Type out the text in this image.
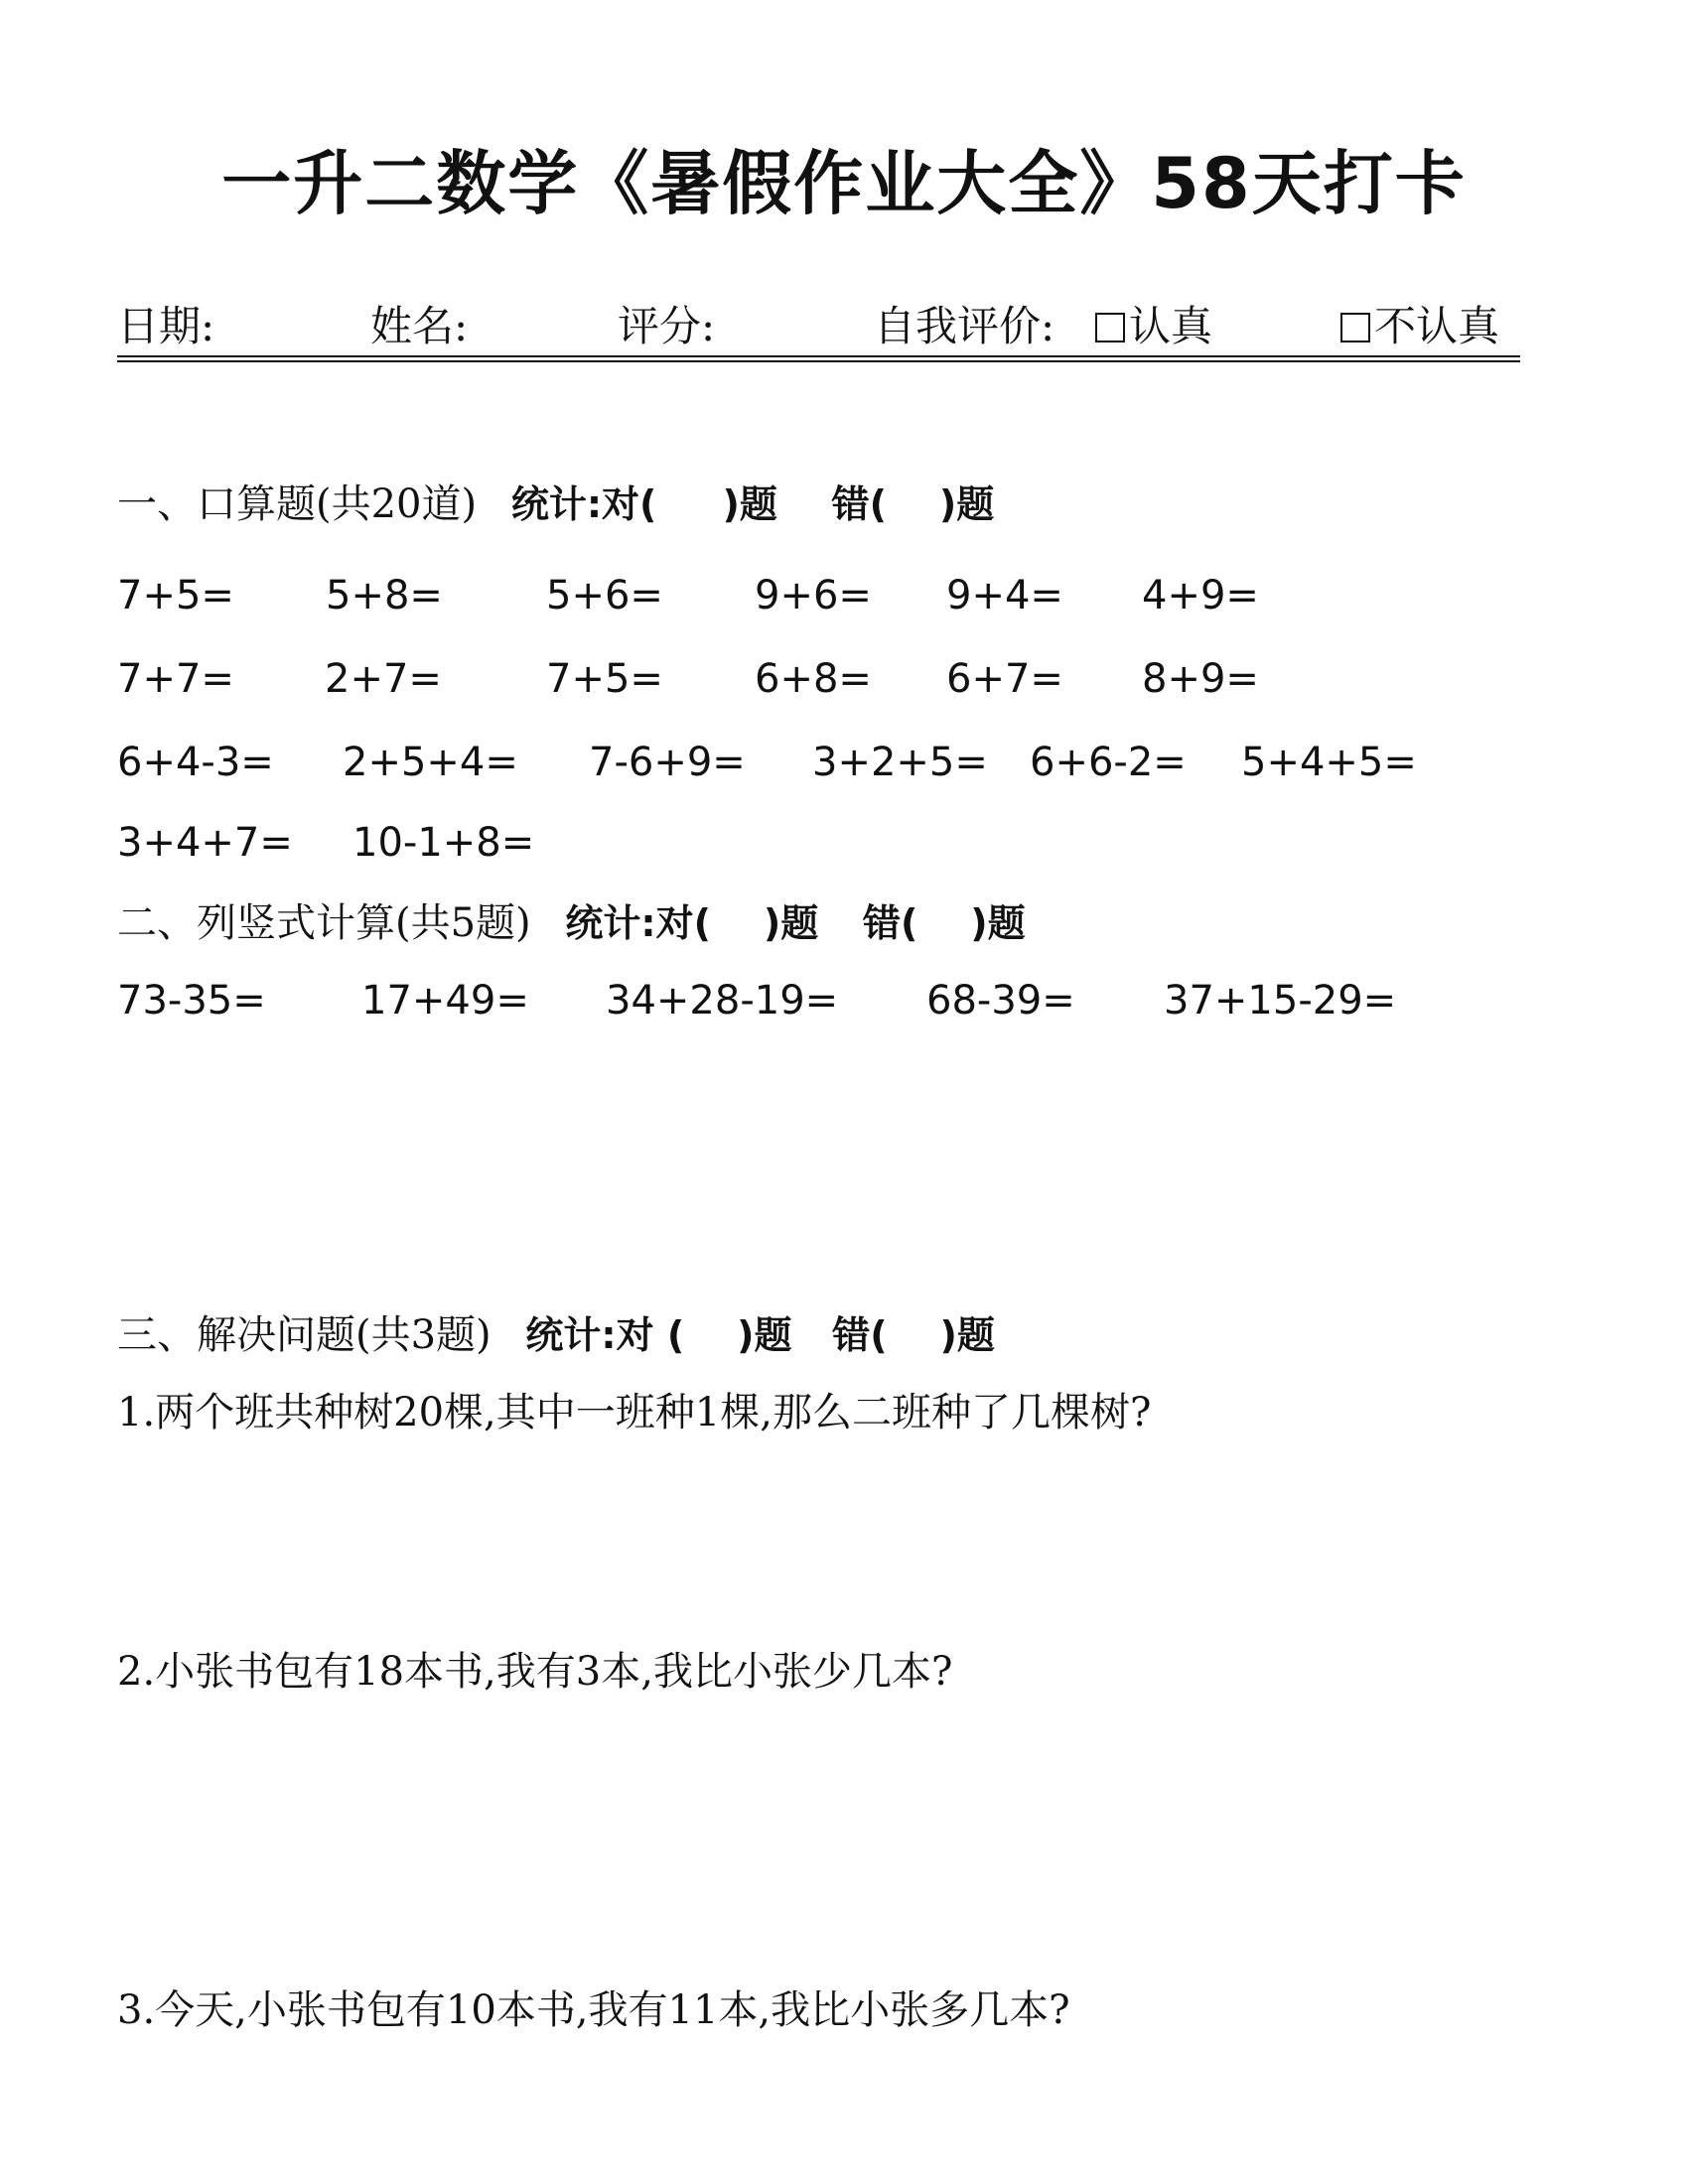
一升二数学《暑假作业大全》58天打卡
日期:	姓名:	评分:	自我评价:	认真	不认真
一、口算题(共20道) 统计:对(     )题 错(    )题
7+5= 5+8=	5+6= 9+6= 9+4= 4+9=
7+7= 2+7=	7+5= 6+8= 6+7= 8+9=
6+4-3= 2+5+4= 7-6+9= 3+2+5= 6+6-2= 5+4+5=
3+4+7= 10-1+8=
二、列竖式计算(共5题) 统计:对(    )题 错(    )题
73-35= 17+49= 34+28-19= 68-39= 37+15-29=
三、解决问题(共3题) 统计:对 (    )题 错(    )题
1.两个班共种树20棵,其中一班种1棵,那么二班种了几棵树?
2.小张书包有18本书,我有3本,我比小张少几本?
3.今天,小张书包有10本书,我有11本,我比小张多几本?
